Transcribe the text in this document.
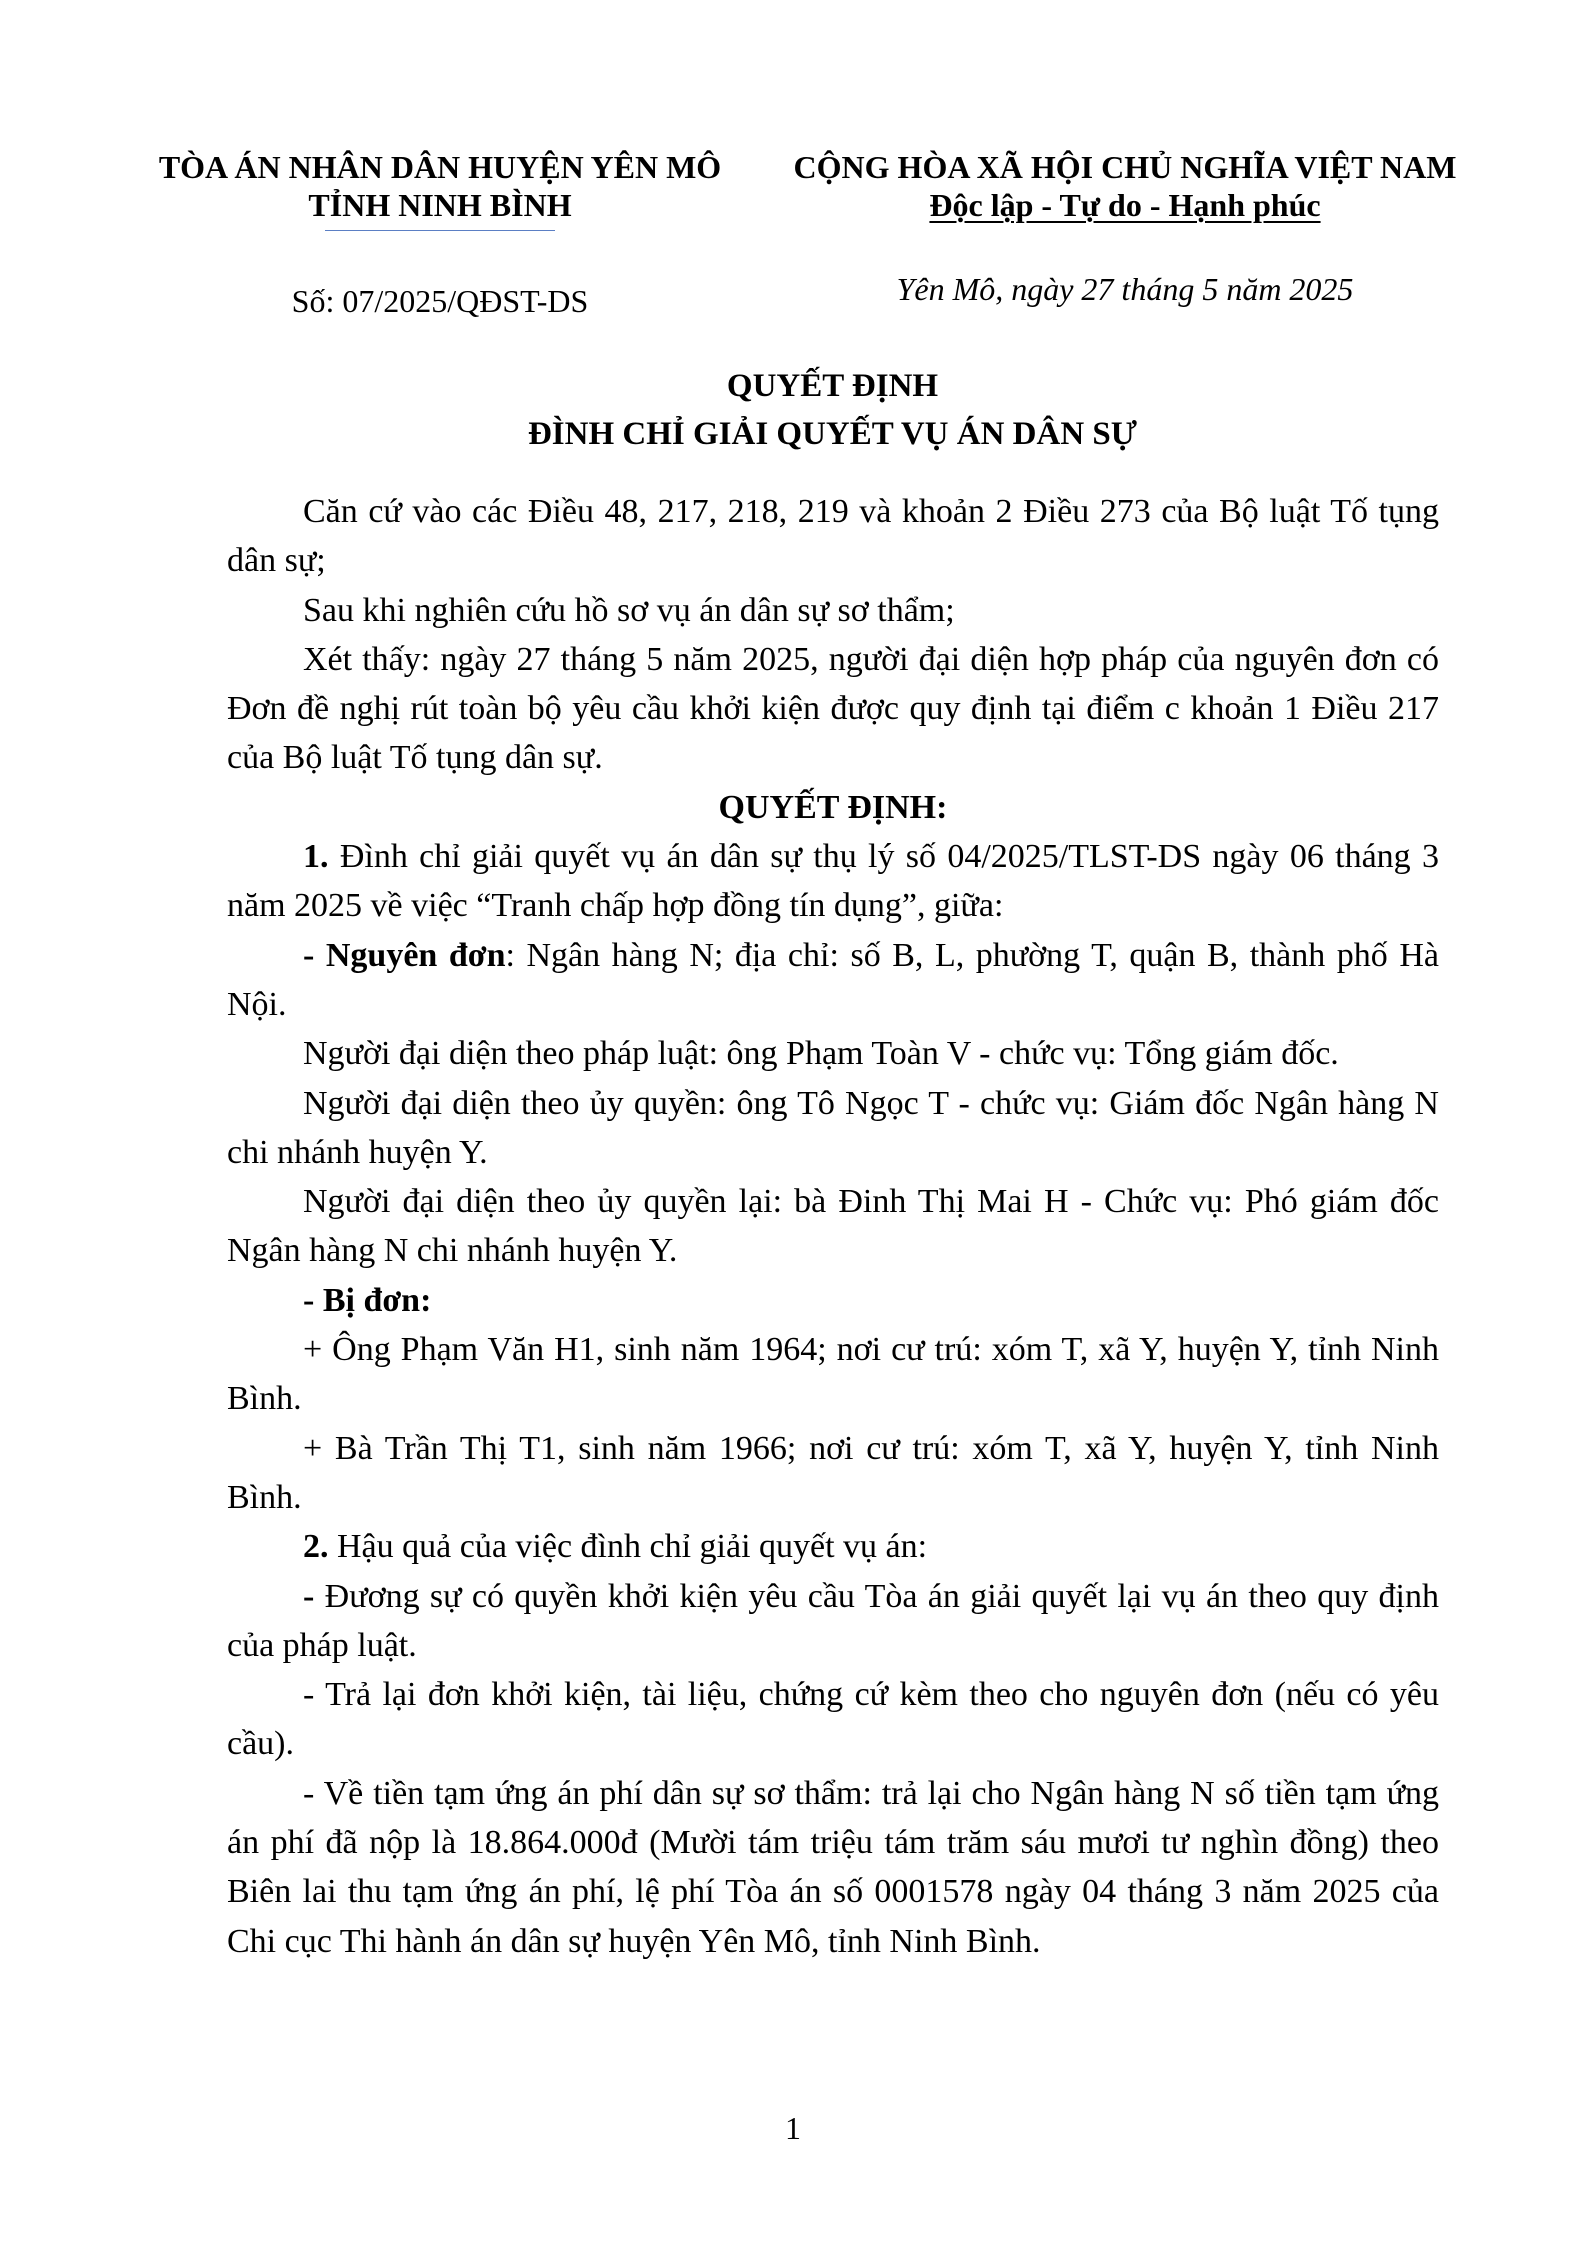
TÒA ÁN NHÂN DÂN HUYỆN YÊN MÔ
TỈNH NINH BÌNH
CỘNG HÒA XÃ HỘI CHỦ NGHĨA VIỆT NAM
Độc lập - Tự do - Hạnh phúc
Số: 07/2025/QĐST-DS	Yên Mô, ngày 27 tháng 5 năm 2025
QUYẾT ĐỊNH
ĐÌNH CHỈ GIẢI QUYẾT VỤ ÁN DÂN SỰ

Căn cứ vào các Điều 48, 217, 218, 219 và khoản 2 Điều 273 của Bộ luật Tố tụng dân sự;

Sau khi nghiên cứu hồ sơ vụ án dân sự sơ thẩm;

Xét thấy: ngày 27 tháng 5 năm 2025, người đại diện hợp pháp của nguyên đơn có Đơn đề nghị rút toàn bộ yêu cầu khởi kiện được quy định tại điểm c khoản 1 Điều 217 của Bộ luật Tố tụng dân sự.

QUYẾT ĐỊNH:

1. Đình chỉ giải quyết vụ án dân sự thụ lý số 04/2025/TLST-DS ngày 06 tháng 3 năm 2025 về việc “Tranh chấp hợp đồng tín dụng”, giữa:

- Nguyên đơn: Ngân hàng N; địa chỉ: số B, L, phường T, quận B, thành phố Hà Nội.

Người đại diện theo pháp luật: ông Phạm Toàn V - chức vụ: Tổng giám đốc.

Người đại diện theo ủy quyền: ông Tô Ngọc T - chức vụ: Giám đốc Ngân hàng N chi nhánh huyện Y.

Người đại diện theo ủy quyền lại: bà Đinh Thị Mai H - Chức vụ: Phó giám đốc Ngân hàng N chi nhánh huyện Y.

- Bị đơn:

+ Ông Phạm Văn H1, sinh năm 1964; nơi cư trú: xóm T, xã Y, huyện Y, tỉnh Ninh Bình.

+ Bà Trần Thị T1, sinh năm 1966; nơi cư trú: xóm T, xã Y, huyện Y, tỉnh Ninh Bình.

2. Hậu quả của việc đình chỉ giải quyết vụ án:

- Đương sự có quyền khởi kiện yêu cầu Tòa án giải quyết lại vụ án theo quy định của pháp luật.

- Trả lại đơn khởi kiện, tài liệu, chứng cứ kèm theo cho nguyên đơn (nếu có yêu cầu).

- Về tiền tạm ứng án phí dân sự sơ thẩm: trả lại cho Ngân hàng N số tiền tạm ứng án phí đã nộp là 18.864.000đ (Mười tám triệu tám trăm sáu mươi tư nghìn đồng) theo Biên lai thu tạm ứng án phí, lệ phí Tòa án số 0001578 ngày 04 tháng 3 năm 2025 của Chi cục Thi hành án dân sự huyện Yên Mô, tỉnh Ninh Bình.

1
